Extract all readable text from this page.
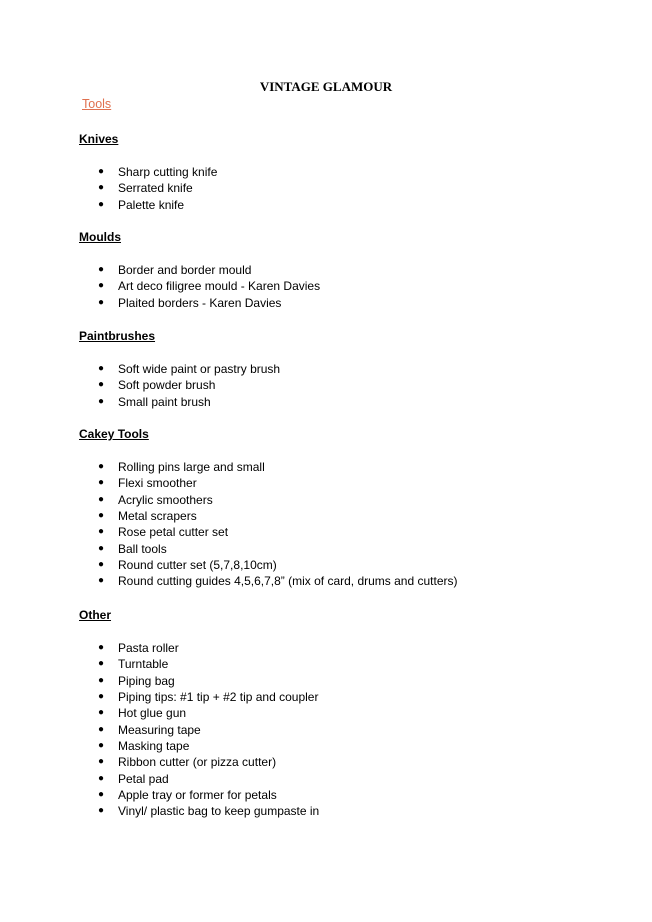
VINTAGE GLAMOUR
Tools
Knives
●	Sharp cutting knife
●	Serrated knife
●	Palette knife
Moulds
●	Border and border mould
●	Art deco filigree mould - Karen Davies
●	Plaited borders - Karen Davies
Paintbrushes
●	Soft wide paint or pastry brush
●	Soft powder brush
●	Small paint brush
Cakey Tools
●	Rolling pins large and small
●	Flexi smoother
●	Acrylic smoothers
●	Metal scrapers
●	Rose petal cutter set
●	Ball tools
●	Round cutter set (5,7,8,10cm)
●	Round cutting guides 4,5,6,7,8” (mix of card, drums and cutters)
Other
●	Pasta roller
●	Turntable
●	Piping bag
●	Piping tips: #1 tip + #2 tip and coupler
●	Hot glue gun
●	Measuring tape
●	Masking tape
●	Ribbon cutter (or pizza cutter)
●	Petal pad
●	Apple tray or former for petals
●	Vinyl/ plastic bag to keep gumpaste in
